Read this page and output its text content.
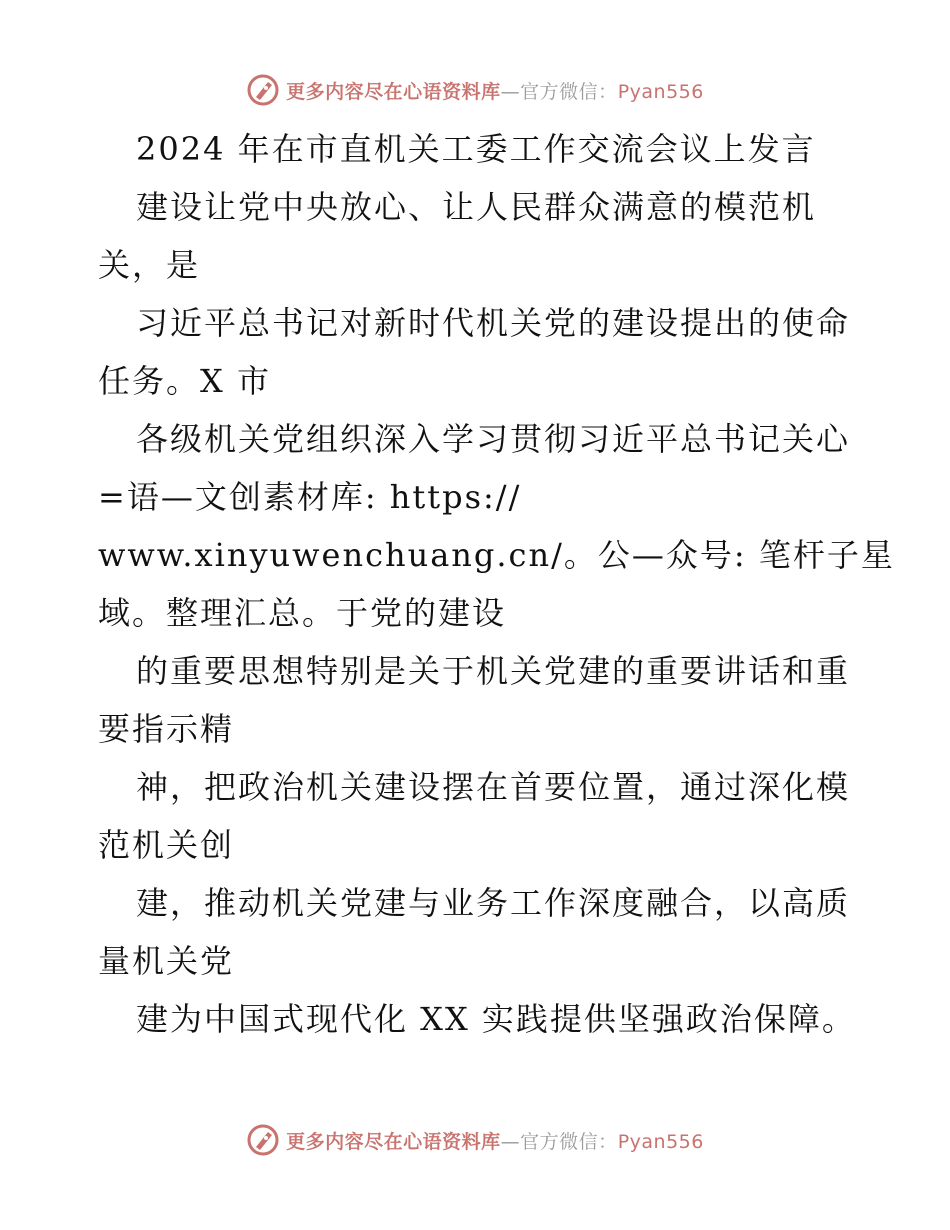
更多内容尽在心语资料库—官方微信：Pyan556
2024 年在市直机关工委工作交流会议上发言
建设让党中央放心、让人民群众满意的模范机
关，是
习近平总书记对新时代机关党的建设提出的使命
任务。X 市
各级机关党组织深入学习贯彻习近平总书记关心
=语—文创素材库: https://
www.xinyuwenchuang.cn/。公—众号: 笔杆子星
域。整理汇总。于党的建设
的重要思想特别是关于机关党建的重要讲话和重
要指示精
神，把政治机关建设摆在首要位置，通过深化模
范机关创
建，推动机关党建与业务工作深度融合，以高质
量机关党
建为中国式现代化 XX 实践提供坚强政治保障。
更多内容尽在心语资料库—官方微信：Pyan556
